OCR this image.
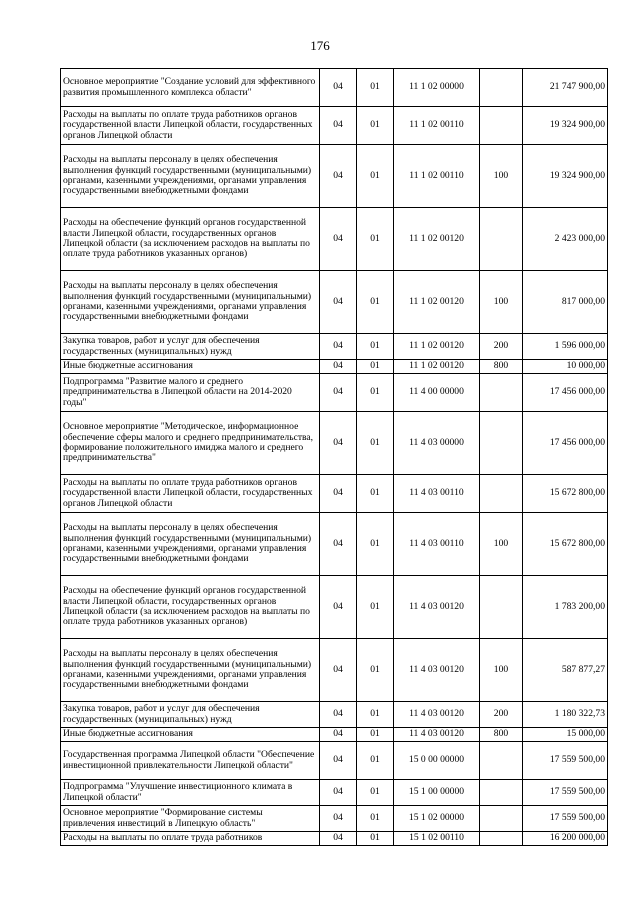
176
Основное мероприятие "Создание условий для эффективного развития промышленного комплекса области"	04	01	11 1 02 00000		21 747 900,00
Расходы на выплаты по оплате труда работников органов государственной власти Липецкой области, государственных органов Липецкой области	04	01	11 1 02 00110		19 324 900,00
Расходы на выплаты персоналу в целях обеспечения выполнения функций государственными (муниципальными) органами, казенными учреждениями, органами управления государственными внебюджетными фондами	04	01	11 1 02 00110	100	19 324 900,00
Расходы на обеспечение функций органов государственной власти Липецкой области, государственных органов Липецкой области (за исключением расходов на выплаты по оплате труда работников указанных органов)	04	01	11 1 02 00120		2 423 000,00
Расходы на выплаты персоналу в целях обеспечения выполнения функций государственными (муниципальными) органами, казенными учреждениями, органами управления государственными внебюджетными фондами	04	01	11 1 02 00120	100	817 000,00
Закупка товаров, работ и услуг для обеспечения государственных (муниципальных) нужд	04	01	11 1 02 00120	200	1 596 000,00
Иные бюджетные ассигнования	04	01	11 1 02 00120	800	10 000,00
Подпрограмма "Развитие малого и среднего предпринимательства в Липецкой области на 2014-2020 годы"	04	01	11 4 00 00000		17 456 000,00
Основное мероприятие "Методическое, информационное обеспечение сферы малого и среднего предпринимательства, формирование положительного имиджа малого и среднего предпринимательства"	04	01	11 4 03 00000		17 456 000,00
Расходы на выплаты по оплате труда работников органов государственной власти Липецкой области, государственных органов Липецкой области	04	01	11 4 03 00110		15 672 800,00
Расходы на выплаты персоналу в целях обеспечения выполнения функций государственными (муниципальными) органами, казенными учреждениями, органами управления государственными внебюджетными фондами	04	01	11 4 03 00110	100	15 672 800,00
Расходы на обеспечение функций органов государственной власти Липецкой области, государственных органов Липецкой области (за исключением расходов на выплаты по оплате труда работников указанных органов)	04	01	11 4 03 00120		1 783 200,00
Расходы на выплаты персоналу в целях обеспечения выполнения функций государственными (муниципальными) органами, казенными учреждениями, органами управления государственными внебюджетными фондами	04	01	11 4 03 00120	100	587 877,27
Закупка товаров, работ и услуг для обеспечения государственных (муниципальных) нужд	04	01	11 4 03 00120	200	1 180 322,73
Иные бюджетные ассигнования	04	01	11 4 03 00120	800	15 000,00
Государственная программа Липецкой области "Обеспечение инвестиционной привлекательности Липецкой области"	04	01	15 0 00 00000		17 559 500,00
Подпрограмма "Улучшение инвестиционного климата в Липецкой области"	04	01	15 1 00 00000		17 559 500,00
Основное мероприятие "Формирование системы привлечения инвестиций в Липецкую область"	04	01	15 1 02 00000		17 559 500,00
Расходы на выплаты по оплате труда работников	04	01	15 1 02 00110		16 200 000,00
